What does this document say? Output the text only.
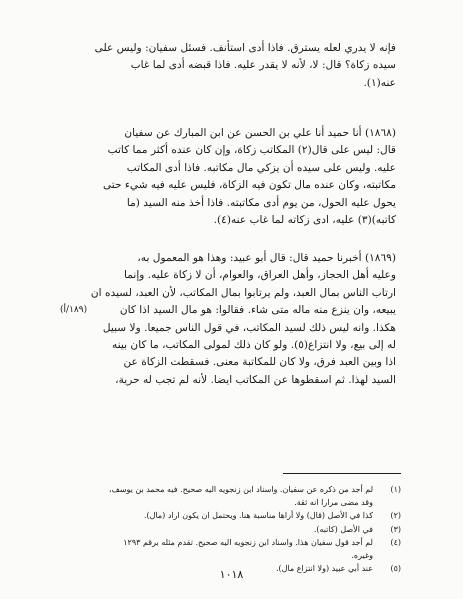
فإنه لا يدري لعله يسترق. فاذا أدى استأنف. فسئل سفيان: وليس على
سيده زكاة؟ قال: لا، لأنه لا يقدر عليه. فاذا قبضه أدى لما غاب
عنه(١).
(١٨٦٨) أنا حميد أنا علي بن الحسن عن ابن المبارك عن سفيان
قال: ليس على قال(٢) المكاتب زكاة، وإن كان عنده أكثر مما كاتب
عليه. وليس على سيده أن يزكي مال مكاتبه. فاذا أدى المكاتب
مكاتبته، وكان عنده مال تكون فيه الزكاة، فليس عليه فيه شيء حتى
يحول عليه الحول، من يوم أدى مكاتبته. فاذا أخذ منه السيد (ما
كاتبه)(٣) عليه، ادى زكاته لما غاب عنه(٤).
(١٨٦٩) أخبرنا حميد قال: قال أبو عبيد: وهذا هو المعمول به،
وعليه أهل الحجاز، وأهل العراق، والعوام، أن لا زكاة عليه. وإنما
ارتاب الناس بمال العبد، ولم يرتابوا بمال المكاتب، لأن العبد، لسيده ان
يبيعه، وان ينزع منه ماله متى شاء. فقالوا: هو مال السيد اذا كان
هكذا. وانه ليس ذلك لسيد المكاتب، في قول الناس جميعا. ولا سبيل
له إلى بيع، ولا انتزاع(٥). ولو كان ذلك لمولى المكاتب، ما كان بينه
اذا وبين العبد فرق، ولا كان للمكاتبة معنى. فسقطت الزكاة عن
السيد لهذا. ثم اسقطوها عن المكاتب ايضا. لأنه لم تجب له حرية،
(١٨٩/أ)
(١)
لم أجد من ذكره عن سفيان. واسناد ابن زنجويه اليه صحيح. فيه محمد بن يوسف،
وقد مضى مرارا انه ثقة.
(٢)
كذا في الأصل (قال) ولا أراها مناسبة هنا. ويحتمل ان يكون اراد (مال).
(٣)
في الأصل (كاتبه).
(٤)
لم أجد قول سفيان هذا. واسناد ابن زنجويه اليه صحيح. تقدم مثله برقم ١٢٩٣
وغيره.
(٥)
عند أبي عبيد (ولا انتزاع مال).
١٠١٨
